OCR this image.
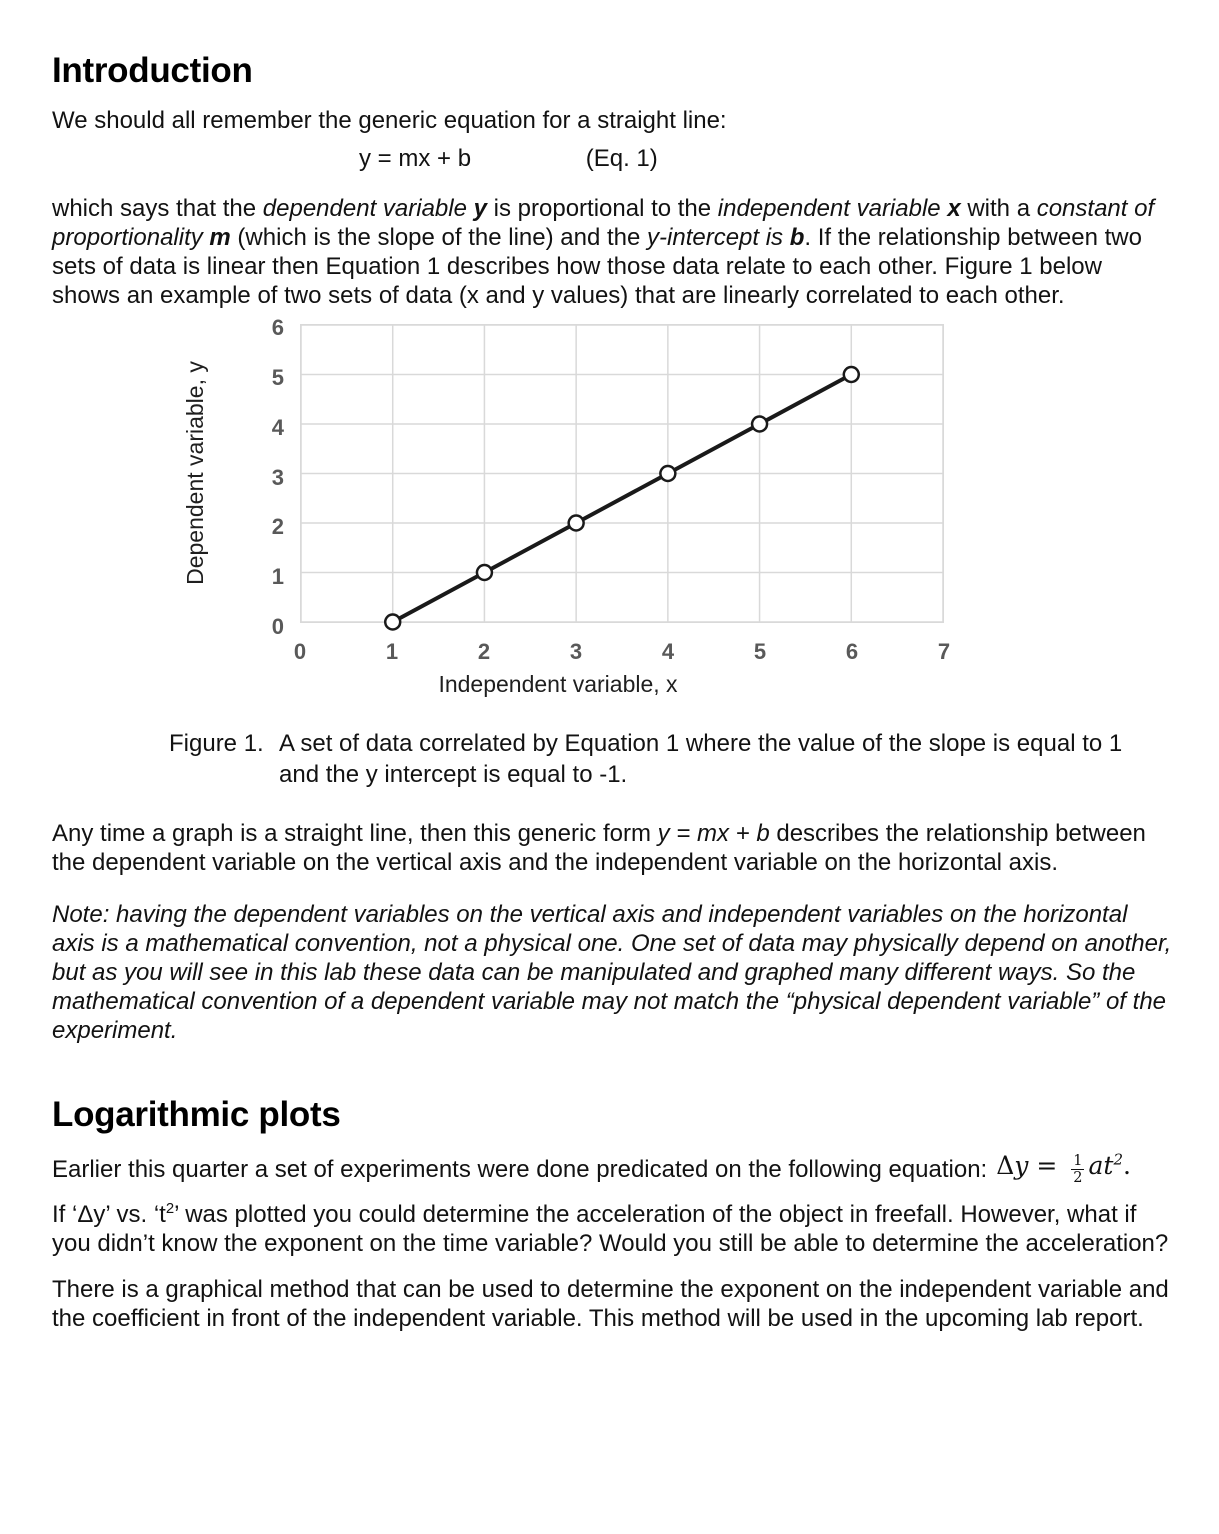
Introduction

We should all remember the generic equation for a straight line:

y = mx + b	(Eq. 1)

which says that the dependent variable y is proportional to the independent variable x with a constant of proportionality m (which is the slope of the line) and the y-intercept is b. If the relationship between two sets of data is linear then Equation 1 describes how those data relate to each other. Figure 1 below shows an example of two sets of data (x and y values) that are linearly correlated to each other.

Dependent variable, y
Independent variable, x
0	1	2	3	4	5	6	7
0
1
2
3
4
5
6
Figure 1. A set of data correlated by Equation 1 where the value of the slope is equal to 1
and the y intercept is equal to -1.

Any time a graph is a straight line, then this generic form y = mx + b describes the relationship between the dependent variable on the vertical axis and the independent variable on the horizontal axis.

Note: having the dependent variables on the vertical axis and independent variables on the horizontal axis is a mathematical convention, not a physical one. One set of data may physically depend on another, but as you will see in this lab these data can be manipulated and graphed many different ways. So the mathematical convention of a dependent variable may not match the “physical dependent variable” of the experiment.

Logarithmic plots
Earlier this quarter a set of experiments were done predicated on the following equation: $\Delta y = \frac{1}{2} at^2$.

If ‘Δy’ vs. ‘$t^2$’ was plotted you could determine the acceleration of the object in freefall. However, what if you didn’t know the exponent on the time variable? Would you still be able to determine the acceleration?

There is a graphical method that can be used to determine the exponent on the independent variable and the coefficient in front of the independent variable. This method will be used in the upcoming lab report.
